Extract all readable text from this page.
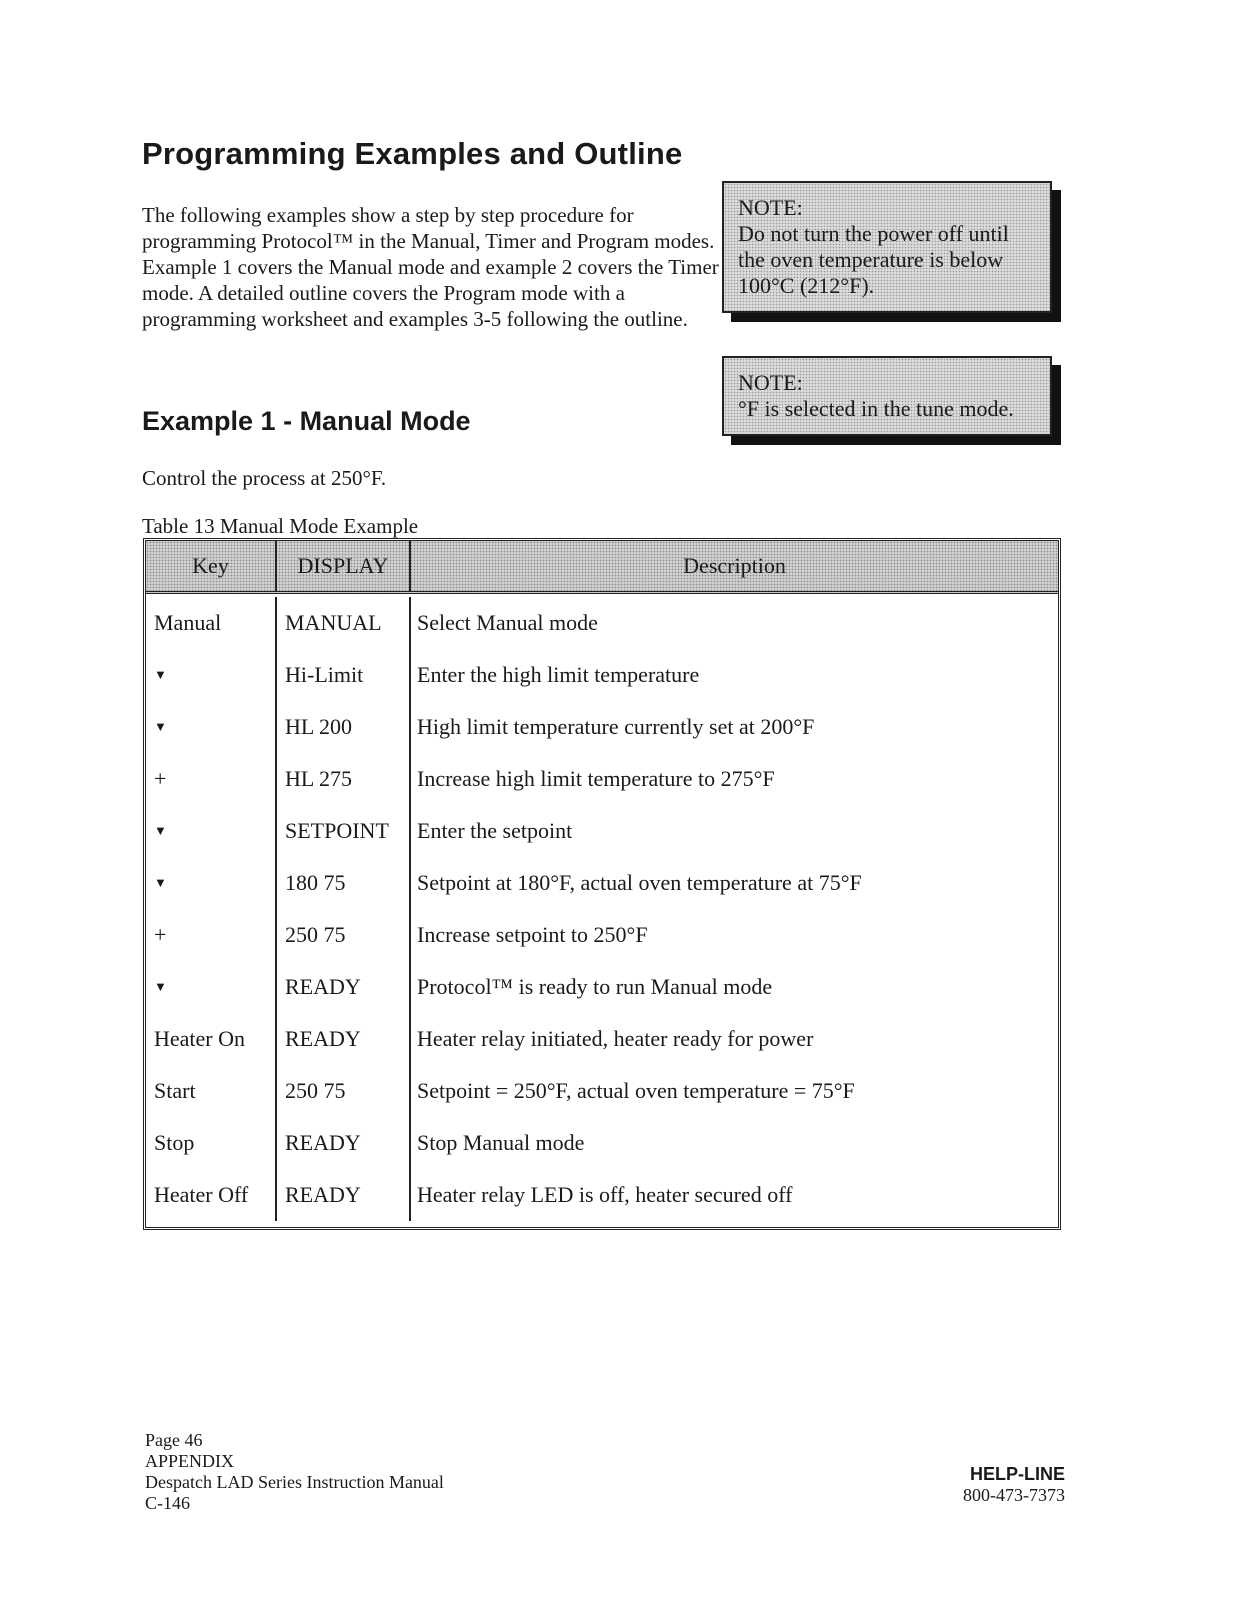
Programming Examples and Outline

The following examples show a step by step procedure for programming Protocol™ in the Manual, Timer and Program modes. Example 1 covers the Manual mode and example 2 covers the Timer mode. A detailed outline covers the Program mode with a programming worksheet and examples 3-5 following the outline.

NOTE:

Do not turn the power off until the oven temperature is below 100°C (212°F).

NOTE:

°F is selected in the tune mode.

Example 1 - Manual Mode

Control the process at 250°F.

Table 13 Manual Mode Example

Key	DISPLAY	Description
Manual	MANUAL	Select Manual mode
▼	Hi-Limit	Enter the high limit temperature
▼	HL 200	High limit temperature currently set at 200°F
+	HL 275	Increase high limit temperature to 275°F
▼	SETPOINT	Enter the setpoint
▼	180 75	Setpoint at 180°F, actual oven temperature at 75°F
+	250 75	Increase setpoint to 250°F
▼	READY	Protocol™ is ready to run Manual mode
Heater On	READY	Heater relay initiated, heater ready for power
Start	250 75	Setpoint = 250°F, actual oven temperature = 75°F
Stop	READY	Stop Manual mode
Heater Off	READY	Heater relay LED is off, heater secured off
Page 46
APPENDIX
Despatch LAD Series Instruction Manual
C-146
HELP-LINE
800-473-7373
